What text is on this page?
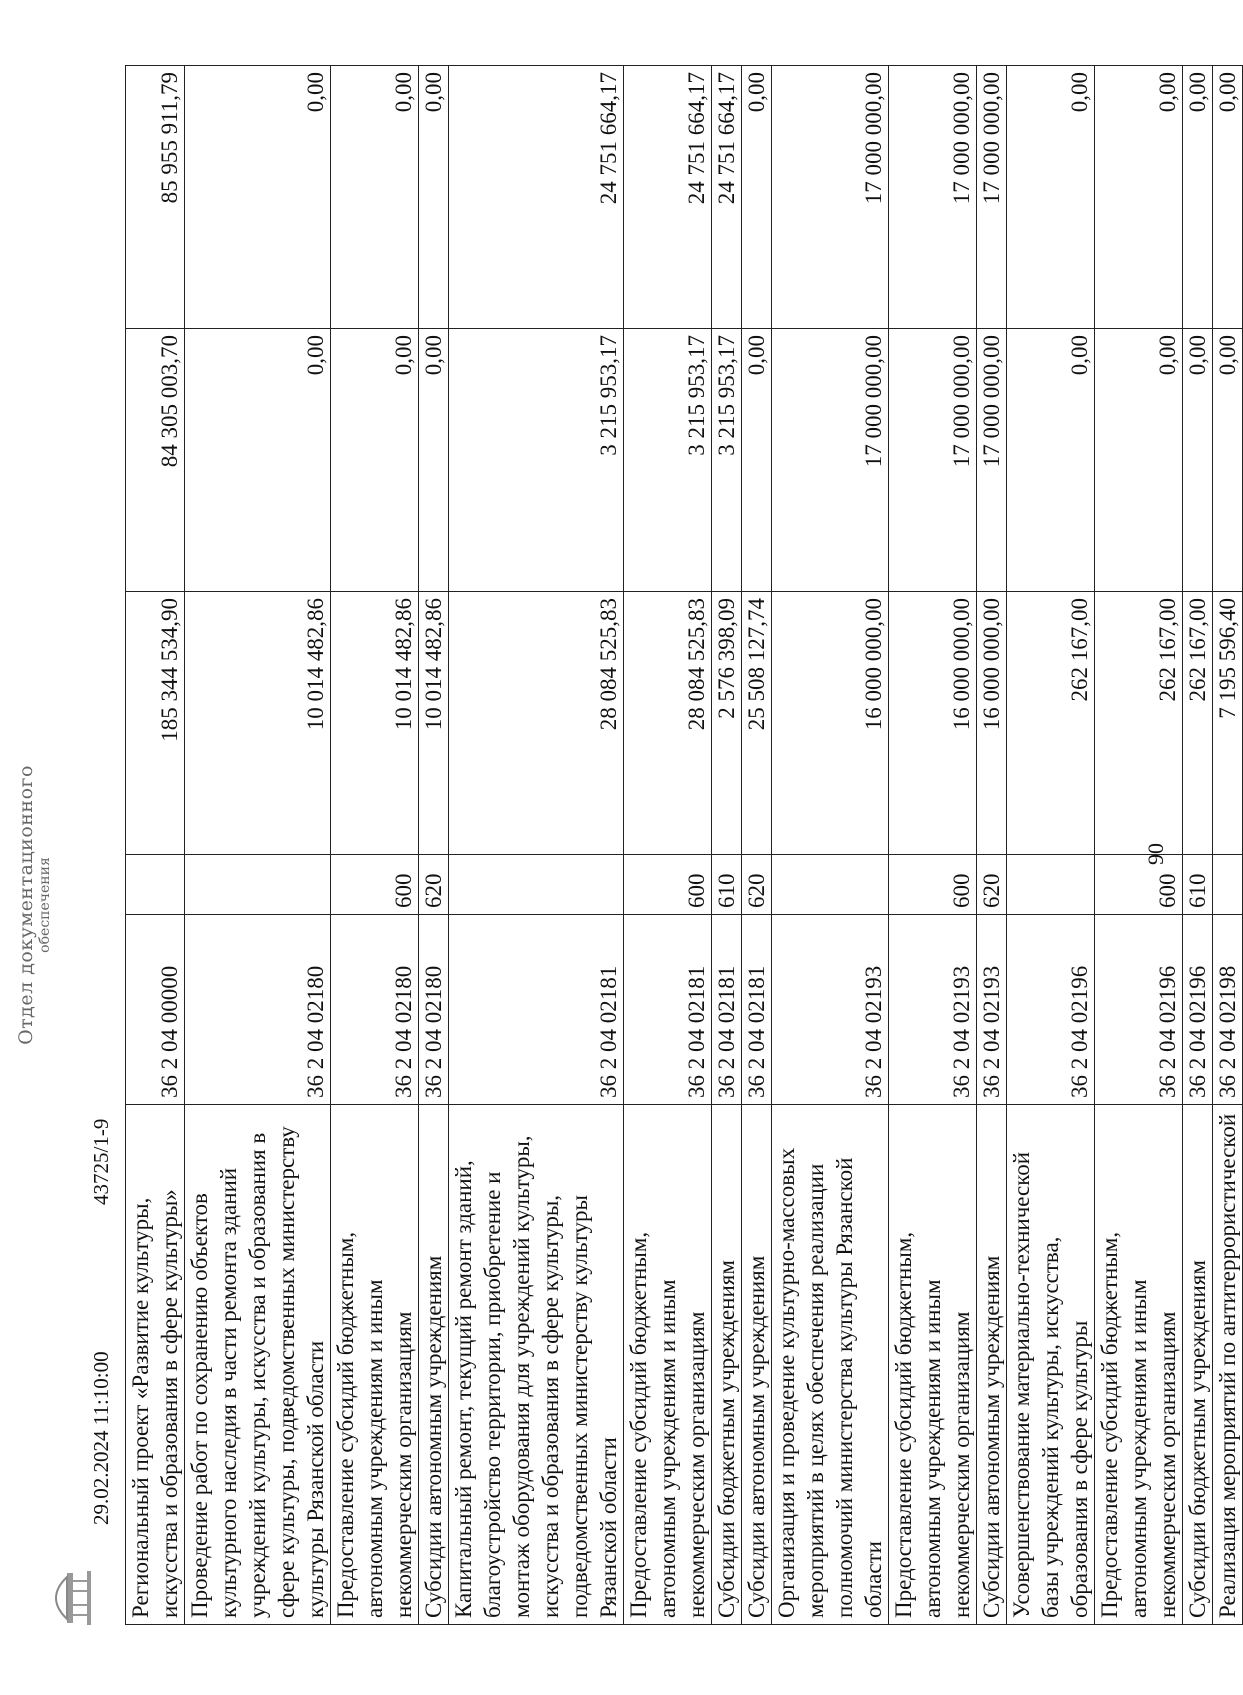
90
Региональный проект «Развитие культуры, искусства и образования в сфере культуры»	36 2 04 00000		185 344 534,90	84 305 003,70	85 955 911,79
Проведение работ по сохранению объектов культурного наследия в части ремонта зданий учреждений культуры, искусства и образования в сфере культуры, подведомственных министерству культуры Рязанской области	36 2 04 02180		10 014 482,86	0,00	0,00
Предоставление субсидий бюджетным, автономным учреждениям и иным некоммерческим организациям	36 2 04 02180	600	10 014 482,86	0,00	0,00
Субсидии автономным учреждениям	36 2 04 02180	620	10 014 482,86	0,00	0,00
Капитальный ремонт, текущий ремонт зданий, благоустройство территории, приобретение и монтаж оборудования для учреждений культуры, искусства и образования в сфере культуры, подведомственных министерству культуры Рязанской области	36 2 04 02181		28 084 525,83	3 215 953,17	24 751 664,17
Предоставление субсидий бюджетным, автономным учреждениям и иным некоммерческим организациям	36 2 04 02181	600	28 084 525,83	3 215 953,17	24 751 664,17
Субсидии бюджетным учреждениям	36 2 04 02181	610	2 576 398,09	3 215 953,17	24 751 664,17
Субсидии автономным учреждениям	36 2 04 02181	620	25 508 127,74	0,00	0,00
Организация и проведение культурно-массовых мероприятий в целях обеспечения реализации полномочий министерства культуры Рязанской области	36 2 04 02193		16 000 000,00	17 000 000,00	17 000 000,00
Предоставление субсидий бюджетным, автономным учреждениям и иным некоммерческим организациям	36 2 04 02193	600	16 000 000,00	17 000 000,00	17 000 000,00
Субсидии автономным учреждениям	36 2 04 02193	620	16 000 000,00	17 000 000,00	17 000 000,00
Усовершенствование материально-технической базы учреждений культуры, искусства, образования в сфере культуры	36 2 04 02196		262 167,00	0,00	0,00
Предоставление субсидий бюджетным, автономным учреждениям и иным некоммерческим организациям	36 2 04 02196	600	262 167,00	0,00	0,00
Субсидии бюджетным учреждениям	36 2 04 02196	610	262 167,00	0,00	0,00
Реализация мероприятий по антитеррористической	36 2 04 02198		7 195 596,40	0,00	0,00
29.02.2024 11:10:00
43725/1-9
Отдел документационного обеспечения
